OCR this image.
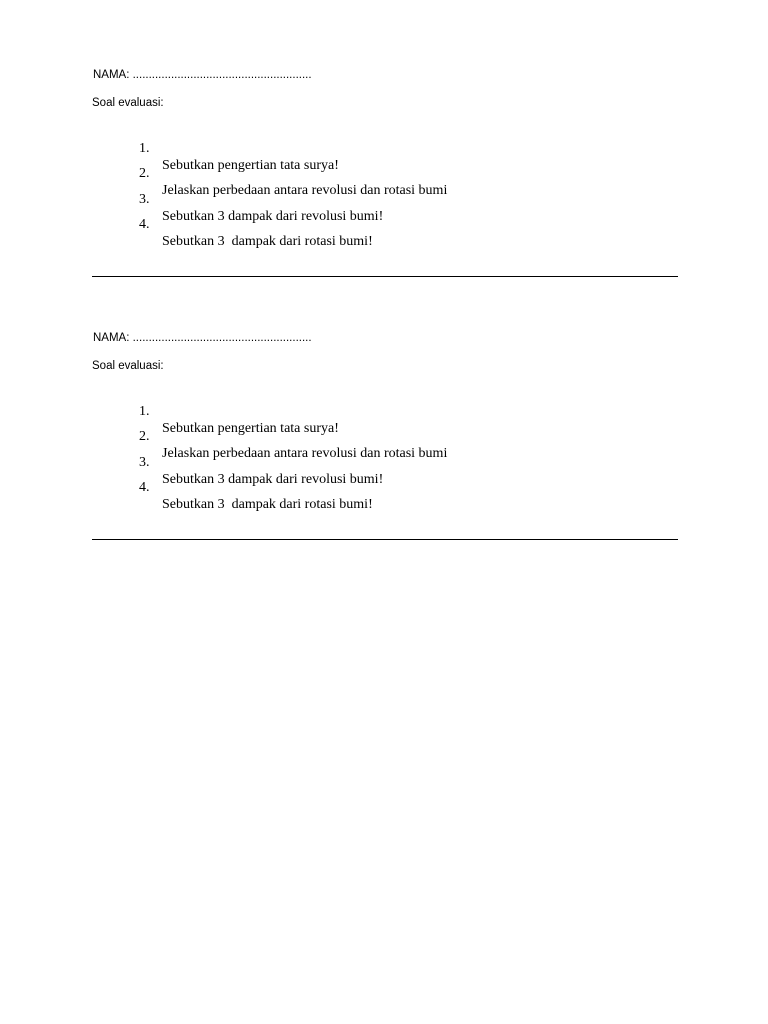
NAMA: ........................................................
Soal evaluasi:

1.

Sebutkan pengertian tata surya!

2.

Jelaskan perbedaan antara revolusi dan rotasi bumi

3.

Sebutkan 3 dampak dari revolusi bumi!

4.

Sebutkan 3  dampak dari rotasi bumi!

NAMA: ........................................................
Soal evaluasi:

1.

Sebutkan pengertian tata surya!

2.

Jelaskan perbedaan antara revolusi dan rotasi bumi

3.

Sebutkan 3 dampak dari revolusi bumi!

4.

Sebutkan 3  dampak dari rotasi bumi!
